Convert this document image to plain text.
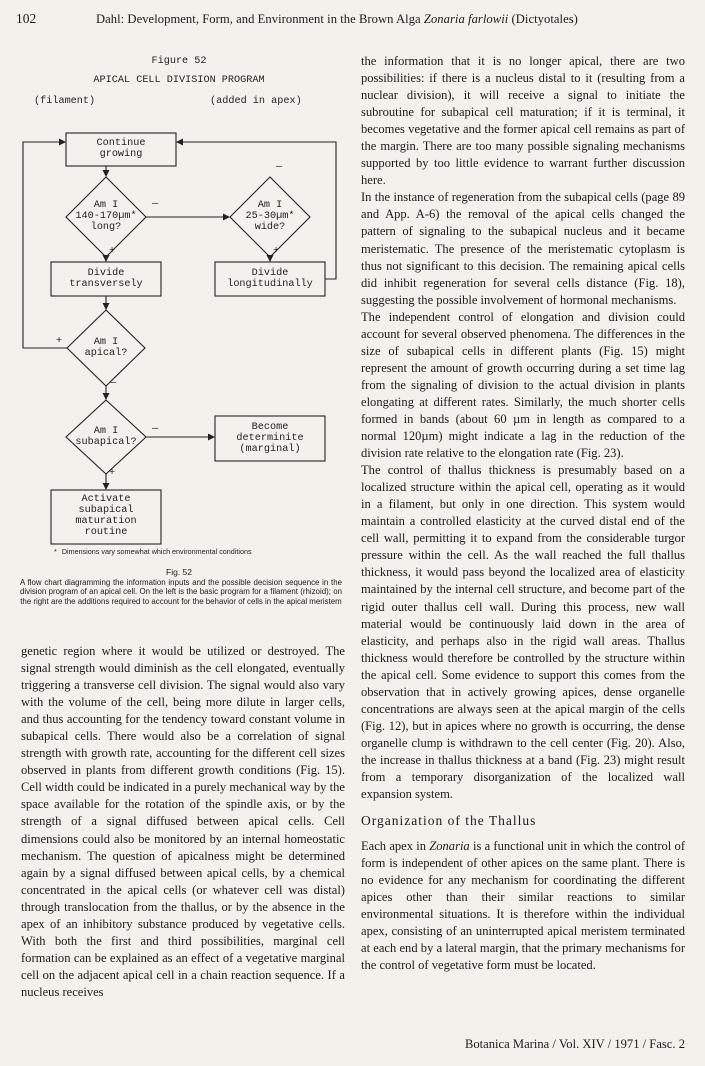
102	Dahl: Development, Form, and Environment in the Brown Alga Zonaria farlowii (Dictyotales)
Figure 52
APICAL CELL DIVISION PROGRAM
(filament)	(added in apex)
Continue
growing
Am I
140-170µm*
long?
Am I
25-30µm*
wide?
Divide
transversely
Divide
longitudinally
Am I
apical?
Am I
subapical?
Become
determinite
(marginal)
Activate
subapical
maturation
routine
—
+
—
+
+
—
—
+
* Dimensions vary somewhat which environmental conditions
Fig. 52
A flow chart diagramming the information inputs and the possible decision sequence in the division program of an apical cell. On the left is the basic program for a filament (rhizoid); on the right are the additions required to account for the behavior of cells in the apical meristem

genetic region where it would be utilized or destroyed. The signal strength would diminish as the cell elongated, eventually triggering a transverse cell division. The signal would also vary with the volume of the cell, being more dilute in larger cells, and thus accounting for the tendency toward constant volume in subapical cells. There would also be a correlation of signal strength with growth rate, accounting for the different cell sizes observed in plants from different growth conditions (Fig. 15). Cell width could be indicated in a purely mechanical way by the space available for the rotation of the spindle axis, or by the strength of a signal diffused between apical cells. Cell dimensions could also be monitored by an internal homeostatic mechanism. The question of apicalness might be determined again by a signal diffused between apical cells, by a chemical concentrated in the apical cells (or whatever cell was distal) through translocation from the thallus, or by the absence in the apex of an inhibitory substance produced by vegetative cells. With both the first and third possibilities, marginal cell formation can be explained as an effect of a vegetative marginal cell on the adjacent apical cell in a chain reaction sequence. If a nucleus receives

the information that it is no longer apical, there are two possibilities: if there is a nucleus distal to it (resulting from a nuclear division), it will receive a signal to initiate the subroutine for subapical cell maturation; if it is terminal, it becomes vegetative and the former apical cell remains as part of the margin. There are too many possible signaling mechanisms supported by too little evidence to warrant further discussion here.

In the instance of regeneration from the subapical cells (page 89 and App. A-6) the removal of the apical cells changed the pattern of signaling to the subapical nucleus and it became meristematic. The presence of the meristematic cytoplasm is thus not significant to this decision. The remaining apical cells did inhibit regeneration for several cells distance (Fig. 18), suggesting the possible involvement of hormonal mechanisms.

The independent control of elongation and division could account for several observed phenomena. The differences in the size of subapical cells in different plants (Fig. 15) might represent the amount of growth occurring during a set time lag from the signaling of division to the actual division in plants elongating at different rates. Similarly, the much shorter cells formed in bands (about 60 µm in length as compared to a normal 120µm) might indicate a lag in the reduction of the division rate relative to the elongation rate (Fig. 23).

The control of thallus thickness is presumably based on a localized structure within the apical cell, operating as it would in a filament, but only in one direction. This system would maintain a controlled elasticity at the curved distal end of the cell wall, permitting it to expand from the considerable turgor pressure within the cell. As the wall reached the full thallus thickness, it would pass beyond the localized area of elasticity maintained by the internal cell structure, and become part of the rigid outer thallus cell wall. During this process, new wall material would be continuously laid down in the area of elasticity, and perhaps also in the rigid wall areas. Thallus thickness would therefore be controlled by the structure within the apical cell. Some evidence to support this comes from the observation that in actively growing apices, dense organelle concentrations are always seen at the apical margin of the cells (Fig. 12), but in apices where no growth is occurring, the dense organelle clump is withdrawn to the cell center (Fig. 20). Also, the increase in thallus thickness at a band (Fig. 23) might result from a temporary disorganization of the localized wall expansion system.

Organization of the Thallus

Each apex in Zonaria is a functional unit in which the control of form is independent of other apices on the same plant. There is no evidence for any mechanism for coordinating the different apices other than their similar reactions to similar environmental situations. It is therefore within the individual apex, consisting of an uninterrupted apical meristem terminated at each end by a lateral margin, that the primary mechanisms for the control of vegetative form must be located.

Botanica Marina / Vol. XIV / 1971 / Fasc. 2
